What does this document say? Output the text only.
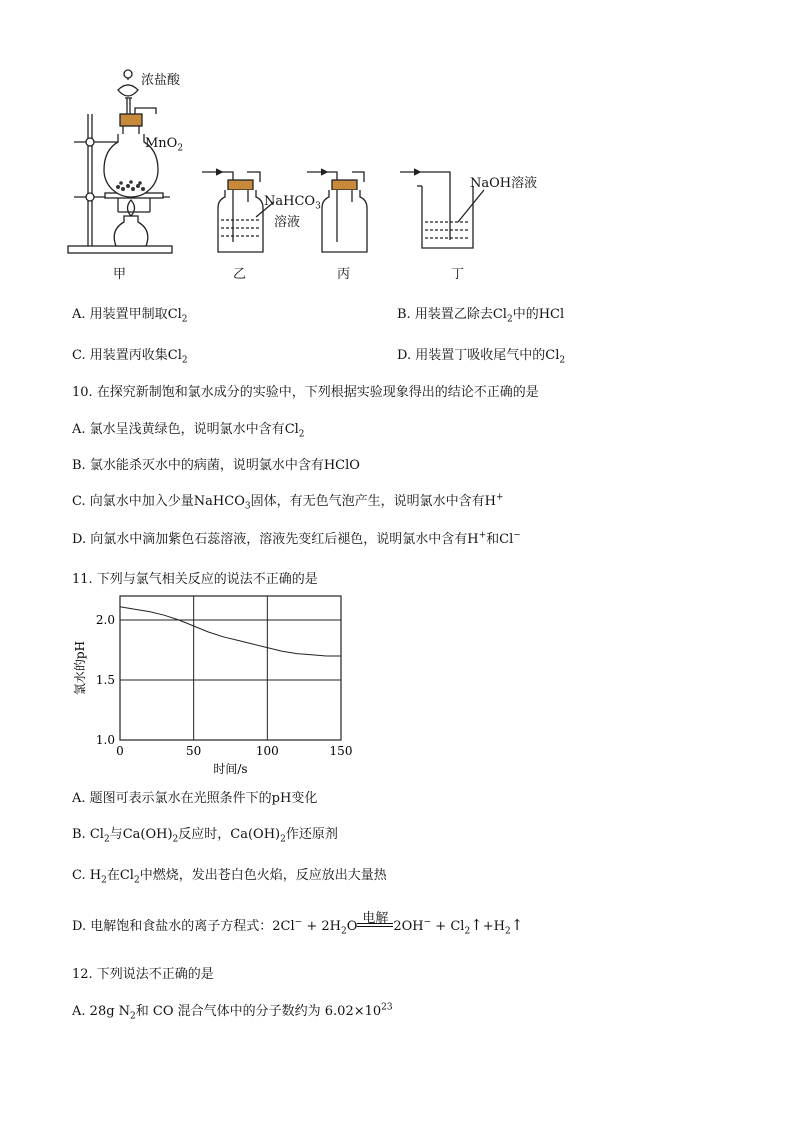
浓盐酸
MnO$_2$
NaHCO$_3$
溶液
NaOH溶液
甲	乙	丙	丁
A. 用装置甲制取$Cl_2$	B. 用装置乙除去$Cl_2$中的HCl
C. 用装置丙收集$Cl_2$	D. 用装置丁吸收尾气中的$Cl_2$
10. 在探究新制饱和氯水成分的实验中，下列根据实验现象得出的结论不正确的是
A. 氯水呈浅黄绿色，说明氯水中含有$Cl_2$
B. 氯水能杀灭水中的病菌，说明氯水中含有HClO
C. 向氯水中加入少量NaHCO$_3$固体，有无色气泡产生，说明氯水中含有H+
D. 向氯水中滴加紫色石蕊溶液，溶液先变红后褪色，说明氯水中含有H+和Cl−
11. 下列与氯气相关反应的说法不正确的是
0	50	100	150
1.0
1.5
2.0
时间/s
氯水的pH
A. 题图可表示氯水在光照条件下的pH变化
B. $Cl_2$与$Ca(OH)_2$反应时，$Ca(OH)_2$作还原剂
C. $H_2$在$Cl_2$中燃烧，发出苍白色火焰，反应放出大量热
D. 电解饱和食盐水的离子方程式：$2Cl^- + 2H_2O$
电解
$2OH^- + Cl_2↑+H_2↑$
12. 下列说法不正确的是
A. 28g $N_2$和 CO 混合气体中的分子数约为 $6.02\times 10^{23}$
